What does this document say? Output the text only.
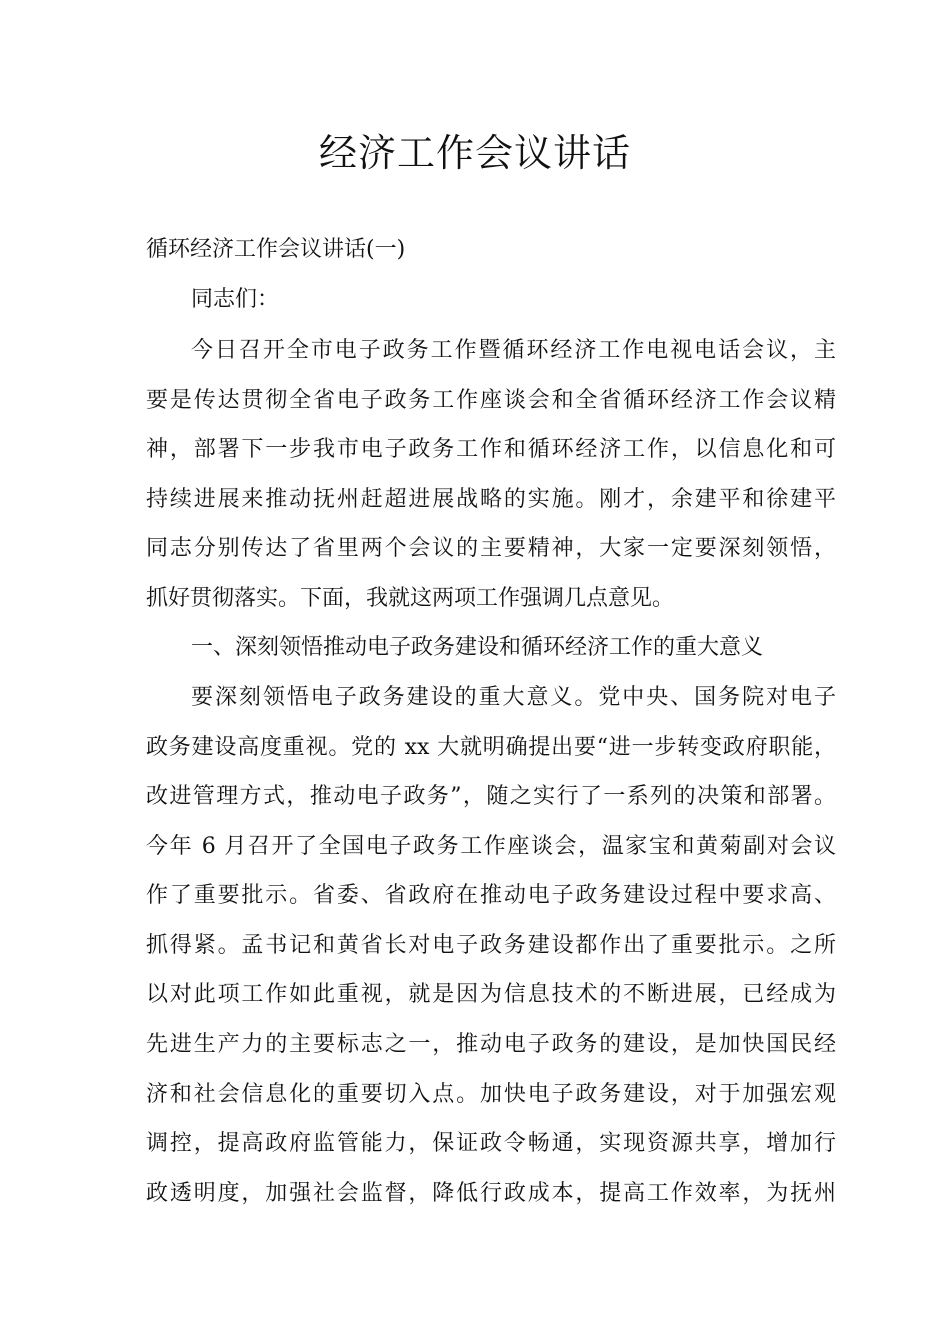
经济工作会议讲话

循环经济工作会议讲话(一)

同志们：

今日召开全市电子政务工作暨循环经济工作电视电话会议，主

要是传达贯彻全省电子政务工作座谈会和全省循环经济工作会议精

神，部署下一步我市电子政务工作和循环经济工作，以信息化和可

持续进展来推动抚州赶超进展战略的实施。刚才，余建平和徐建平

同志分别传达了省里两个会议的主要精神，大家一定要深刻领悟，

抓好贯彻落实。下面，我就这两项工作强调几点意见。

一、深刻领悟推动电子政务建设和循环经济工作的重大意义

要深刻领悟电子政务建设的重大意义。党中央、国务院对电子

政务建设高度重视。党的 xx 大就明确提出要“进一步转变政府职能，

改进管理方式，推动电子政务”，随之实行了一系列的决策和部署。

今年 6 月召开了全国电子政务工作座谈会，温家宝和黄菊副对会议

作了重要批示。省委、省政府在推动电子政务建设过程中要求高、

抓得紧。孟书记和黄省长对电子政务建设都作出了重要批示。之所

以对此项工作如此重视，就是因为信息技术的不断进展，已经成为

先进生产力的主要标志之一，推动电子政务的建设，是加快国民经

济和社会信息化的重要切入点。加快电子政务建设，对于加强宏观

调控，提高政府监管能力，保证政令畅通，实现资源共享，增加行

政透明度，加强社会监督，降低行政成本，提高工作效率，为抚州
